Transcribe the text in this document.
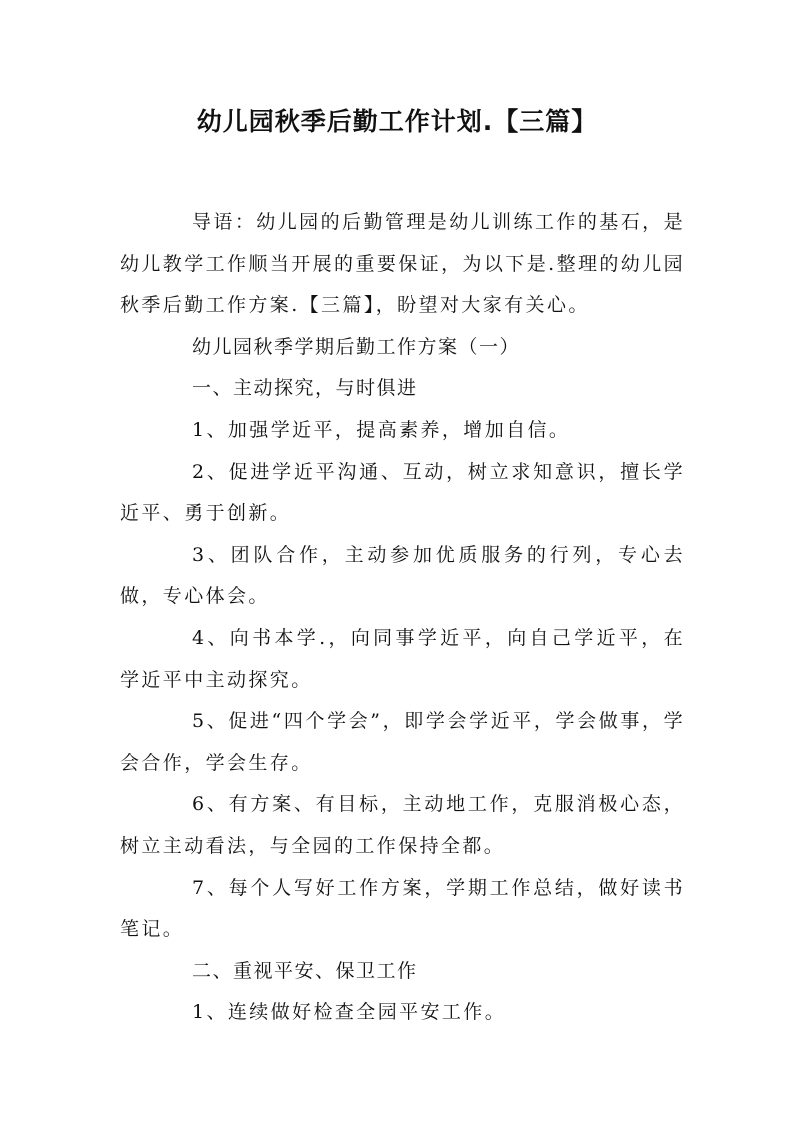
幼儿园秋季后勤工作计划.【三篇】

导语：幼儿园的后勤管理是幼儿训练工作的基石，是幼儿教学工作顺当开展的重要保证，为以下是.整理的幼儿园秋季后勤工作方案.【三篇】，盼望对大家有关心。

幼儿园秋季学期后勤工作方案（一）

一、主动探究，与时俱进

1、加强学近平，提高素养，增加自信。

2、促进学近平沟通、互动，树立求知意识，擅长学近平、勇于创新。

3、团队合作，主动参加优质服务的行列，专心去做，专心体会。

4、向书本学.，向同事学近平，向自己学近平，在学近平中主动探究。

5、促进“四个学会”，即学会学近平，学会做事，学会合作，学会生存。

6、有方案、有目标，主动地工作，克服消极心态，树立主动看法，与全园的工作保持全都。

7、每个人写好工作方案，学期工作总结，做好读书笔记。

二、重视平安、保卫工作

1、连续做好检查全园平安工作。
